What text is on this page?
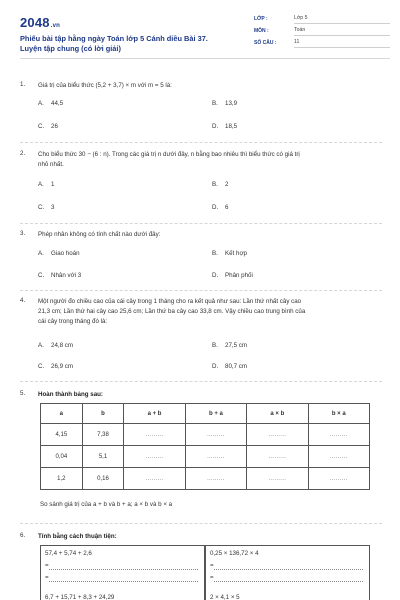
2048.vn
Phiếu bài tập hằng ngày Toán lớp 5 Cánh diều Bài 37.
Luyện tập chung (có lời giải)
LỚP :	Lớp 5
MÔN :	Toán
SỐ CÂU :	11
1. Giá trị của biểu thức (5,2 + 3,7) × m với m = 5 là:
A. 44,5	B. 13,9
C. 26	D. 18,5
2. Cho biểu thức 30 − (6 : n). Trong các giá trị n dưới đây, n bằng bao nhiêu thì biểu thức có giá trị
nhỏ nhất.
A. 1	B. 2
C. 3	D. 6
3. Phép nhân không có tính chất nào dưới đây:
A. Giao hoán	B. Kết hợp
C. Nhân với 3	D. Phân phối
4. Một người đo chiều cao của cái cây trong 1 tháng cho ra kết quả như sau: Lần thứ nhất cây cao
21,3 cm; Lần thứ hai cây cao 25,6 cm; Lần thứ ba cây cao 33,8 cm. Vậy chiều cao trung bình của
cái cây trong tháng đó là:
A. 24,8 cm	B. 27,5 cm
C. 26,9 cm	D. 80,7 cm
5. Hoàn thành bảng sau:
a	b	a + b	b + a	a × b	b × a
4,15	7,38	.........	.........	.........	.........
0,04	5,1	.........	.........	.........	.........
1,2	0,16	.........	.........	.........	.........
So sánh giá trị của a + b và b + a; a × b và b × a
6. Tính bằng cách thuận tiện:
57,4 + 5,74 + 2,6
=
=
6,7 + 15,71 + 8,3 + 24,29
0,25 × 136,72 × 4
=
=
2 × 4,1 × 5
